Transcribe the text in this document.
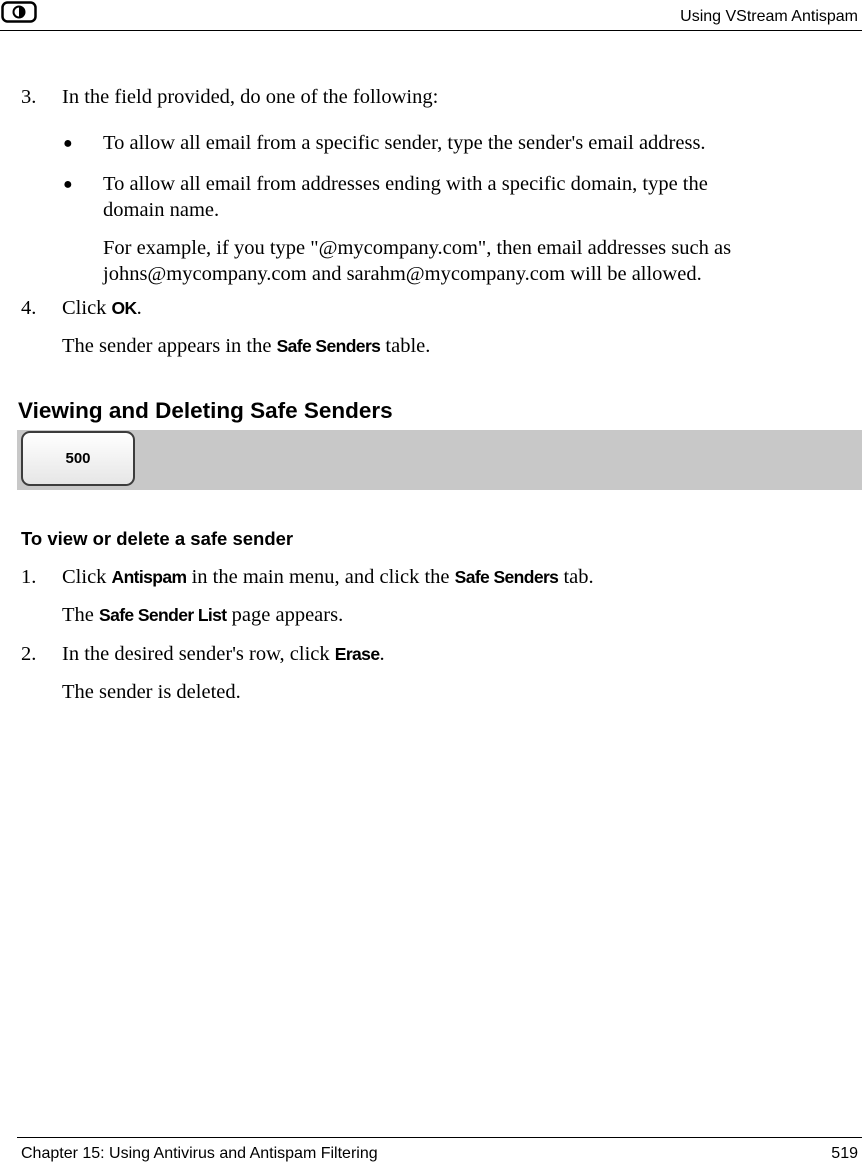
Using VStream Antispam
3. In the field provided, do one of the following:
● To allow all email from a specific sender, type the sender's email address.
● To allow all email from addresses ending with a specific domain, type the
domain name.
For example, if you type "@mycompany.com", then email addresses such as
johns@mycompany.com and sarahm@mycompany.com will be allowed.
4. Click OK.
The sender appears in the Safe Senders table.
Viewing and Deleting Safe Senders
500
To view or delete a safe sender
1. Click Antispam in the main menu, and click the Safe Senders tab.
The Safe Sender List page appears.
2. In the desired sender's row, click Erase.
The sender is deleted.
Chapter 15: Using Antivirus and Antispam Filtering	519
